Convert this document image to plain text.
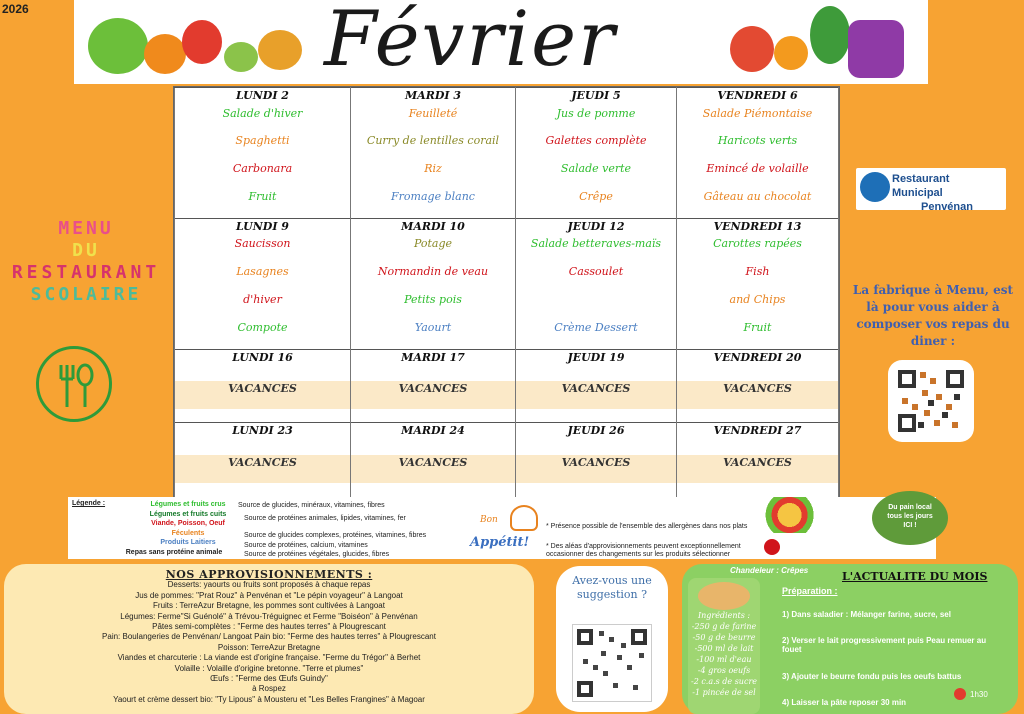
2026	Février
MENU
DU
RESTAURANT
SCOLAIRE
LUNDI 2	MARDI 3	JEUDI 5	VENDREDI 6
Salade d'hiver	Feuilleté	Jus de pomme	Salade Piémontaise
Spaghetti	Curry de lentilles corail	Galettes complète	Haricots verts
Carbonara	Riz	Salade verte	Emincé de volaille

Fruit	Fromage blanc	Crêpe	Gâteau au chocolat
LUNDI 9	MARDI 10	JEUDI 12	VENDREDI 13
Saucisson	Potage	Salade betteraves-maïs	Carottes rapées
Lasagnes	Normandin de veau	Cassoulet	Fish
d'hiver	Petits pois		and Chips
Compote	Yaourt	Crème Dessert	Fruit
LUNDI 16	MARDI 17	JEUDI 19	VENDREDI 20

VACANCES	VACANCES	VACANCES	VACANCES

LUNDI 23	MARDI 24	JEUDI 26	VENDREDI 27

VACANCES	VACANCES	VACANCES	VACANCES

Restaurant Municipal
Penvénan
La fabrique à Menu, est là pour vous aider à composer vos repas du diner :
Légende :	Légumes et fruits crus
Légumes et fruits cuits
Viande, Poisson, Oeuf
Féculents
Produits Laitiers
Repas sans protéine animale
Source de glucides, minéraux, vitamines, fibres
Source de protéines animales, lipides, vitamines, fer
Source de glucides complexes, protéines, vitamines, fibres
Source de protéines, calcium, vitamines
Source de protéines végétales, glucides, fibres
Bon
Appétit!
* Présence possible de l'ensemble des allergènes dans nos plats
* Des aléas d'approvisionnements peuvent exceptionnellement occasionner des changements sur les produits sélectionner
Du pain local tous les jours ICI !
NOS APPROVISIONNEMENTS :
Desserts: yaourts ou fruits sont proposés à chaque repas
Jus de pommes: "Prat Rouz" à Penvénan et "Le pépin voyageur" à Langoat
Fruits : TerreAzur Bretagne, les pommes sont cultivées à Langoat
Légumes: Ferme"Si Guénolé" à Trévou-Tréguignec et Ferme "Boiséon" à Penvénan
Pâtes semi-complètes : "Ferme des hautes terres" à Plougrescant
Pain: Boulangeries de Penvénan/ Langoat Pain bio: "Ferme des hautes terres" à Plougrescant
Poisson: TerreAzur Bretagne
Viandes et charcuterie : La viande est d'origine française. "Ferme du Trégor" à Berhet
Volaille : Volaille d'origine bretonne. "Terre et plumes"
Œufs : "Ferme des Œufs Guindy"
à Rospez
Yaourt et crème dessert bio: "Ty Lipous" à Mousteru et "Les Belles Frangines" à Magoar
Avez-vous une suggestion ?
Chandeleur : Crêpes	L'ACTUALITE DU MOIS
Préparation :
1) Dans saladier : Mélanger farine, sucre, sel
2) Verser le lait progressivement puis Peau remuer au fouet
3) Ajouter le beurre fondu puis les oeufs battus
4) Laisser la pâte reposer 30 min
1h30
Ingrédients :
-250 g de farine
-50 g de beurre
-500 ml de lait
-100 ml d'eau
-4 gros oeufs
-2 c.a.s de sucre
-1 pincée de sel
